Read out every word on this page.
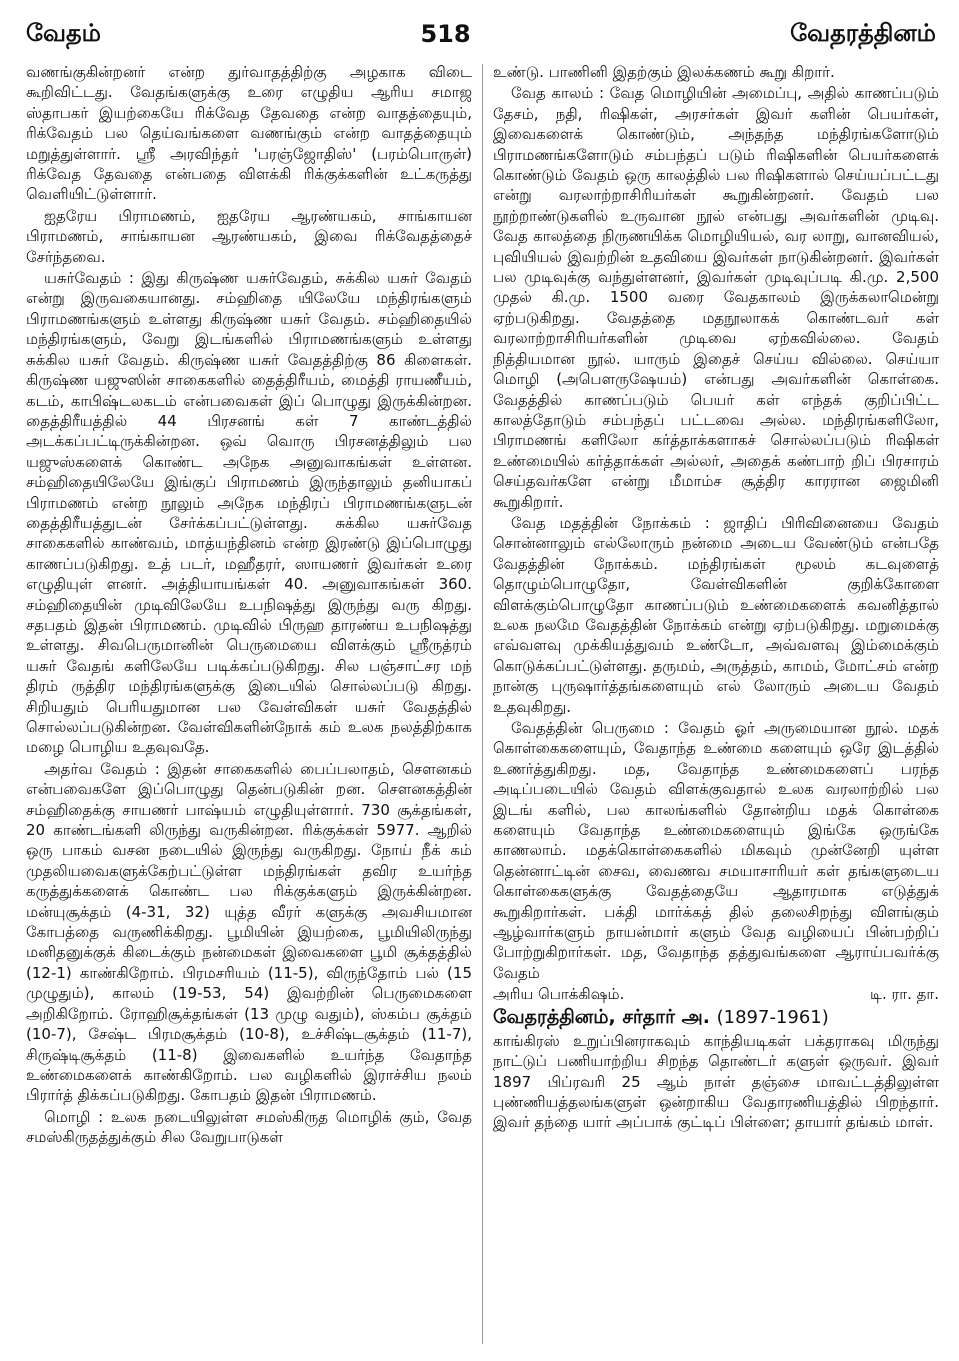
வேதம்	518	வேதரத்தினம்

வணங்குகின்றனர் என்ற துர்வாதத்திற்கு அழகாக விடை கூறிவிட்டது. வேதங்களுக்கு உரை எழுதிய ஆரிய சமாஜ ஸ்தாபகர் இயற்கையே ரிக்வேத தேவதை என்ற வாதத்தையும், ரிக்வேதம் பல தெய்வங்களை வணங்கும் என்ற வாதத்தையும் மறுத்துள்ளார். ஸ்ரீ அரவிந்தர் 'பரஞ்ஜோதிஸ்' (பரம்பொருள்) ரிக்வேத தேவதை என்பதை விளக்கி ரிக்குக்களின் உட்கருத்து வெளியிட்டுள்ளார்.

ஐதரேய பிராமணம், ஐதரேய ஆரண்யகம், சாங்காயன பிராமணம், சாங்காயன ஆரண்யகம், இவை ரிக்வேதத்தைச் சேர்ந்தவை.

யசுர்வேதம் : இது கிருஷ்ண யசுர்வேதம், சுக்கில யசுர் வேதம் என்று இருவகையானது. சம்ஹிதை யிலேயே மந்திரங்களும் பிராமணங்களும் உள்ளது கிருஷ்ண யசுர் வேதம். சம்ஹிதையில் மந்திரங்களும், வேறு இடங்களில் பிராமணங்களும் உள்ளது சுக்கில யசுர் வேதம். கிருஷ்ண யசுர் வேதத்திற்கு 86 கிளைகள். கிருஷ்ண யஜுஸின் சாகைகளில் தைத்திரீயம், மைத்தி ராயணீயம், கடம், காபிஷ்டலகடம் என்பவைகள் இப் பொழுது இருக்கின்றன. தைத்திரீயத்தில் 44 பிரசனங் கள் 7 காண்டத்தில் அடக்கப்பட்டிருக்கின்றன. ஒவ் வொரு பிரசனத்திலும் பல யஜுஸ்களைக் கொண்ட அநேக அனுவாகங்கள் உள்ளன. சம்ஹிதையிலேயே இங்குப் பிராமணம் இருந்தாலும் தனியாகப் பிராமணம் என்ற நூலும் அநேக மந்திரப் பிராமணங்களுடன் தைத்திரீயத்துடன் சேர்க்கப்பட்டுள்ளது. சுக்கில யசுர்வேத சாகைகளில் காண்வம், மாத்யந்தினம் என்ற இரண்டு இப்பொழுது காணப்படுகிறது. உத் படர், மஹீதரர், ஸாயணர் இவர்கள் உரை எழுதியுள் ளனர். அத்தியாயங்கள் 40. அனுவாகங்கள் 360. சம்ஹிதையின் முடிவிலேயே உபநிஷத்து இருந்து வரு கிறது. சதபதம் இதன் பிராமணம். முடிவில் பிருஹ தாரண்ய உபநிஷத்து உள்ளது. சிவபெருமானின் பெருமையை விளக்கும் ஸ்ரீருத்ரம் யசுர் வேதங் களிலேயே படிக்கப்படுகிறது. சில பஞ்சாட்சர மந் திரம் ருத்திர மந்திரங்களுக்கு இடையில் சொல்லப்படு கிறது. சிறியதும் பெரியதுமான பல வேள்விகள் யசுர் வேதத்தில் சொல்லப்படுகின்றன. வேள்விகளின்நோக் கம் உலக நலத்திற்காக மழை பொழிய உதவுவதே.

அதர்வ வேதம் : இதன் சாகைகளில் பைப்பலாதம், சௌனகம் என்பவைகளே இப்பொழுது தென்படுகின் றன. சௌனகத்தின் சம்ஹிதைக்கு சாயணர் பாஷ்யம் எழுதியுள்ளார். 730 சூக்தங்கள், 20 காண்டங்களி லிருந்து வருகின்றன. ரிக்குக்கள் 5977. ஆறில் ஒரு பாகம் வசன நடையில் இருந்து வருகிறது. நோய் நீக் கம் முதலியவைகளுக்கேற்பட்டுள்ள மந்திரங்கள் தவிர உயர்ந்த கருத்துக்களைக் கொண்ட பல ரிக்குக்களும் இருக்கின்றன. மன்யுசூக்தம் (4-31, 32) யுத்த வீரர் களுக்கு அவசியமான கோபத்தை வருணிக்கிறது. பூமியின் இயற்கை, பூமியிலிருந்து மனிதனுக்குக் கிடைக்கும் நன்மைகள் இவைகளை பூமி சூக்தத்தில் (12-1) காண்கிறோம். பிரமசரியம் (11-5), விருந்தோம் பல் (15 முழுதும்), காலம் (19-53, 54) இவற்றின் பெருமைகளை அறிகிறோம். ரோஹிசூக்தங்கள் (13 முழு வதும்), ஸ்கம்ப சூக்தம் (10-7), சேஷ்ட பிரமசூக்தம் (10-8), உச்சிஷ்டசூக்தம் (11-7), சிருஷ்டிசூக்தம் (11-8) இவைகளில் உயர்ந்த வேதாந்த உண்மைகளைக் காண்கிறோம். பல வழிகளில் இராச்சிய நலம் பிரார்த் திக்கப்படுகிறது. கோபதம் இதன் பிராமணம்.

மொழி : உலக நடையிலுள்ள சமஸ்கிருத மொழிக் கும், வேத சமஸ்கிருதத்துக்கும் சில வேறுபாடுகள்

உண்டு. பாணினி இதற்கும் இலக்கணம் கூறு கிறார்.

வேத காலம் : வேத மொழியின் அமைப்பு, அதில் காணப்படும் தேசம், நதி, ரிஷிகள், அரசர்கள் இவர் களின் பெயர்கள், இவைகளைக் கொண்டும், அந்தந்த மந்திரங்களோடும் பிராமணங்களோடும் சம்பந்தப் படும் ரிஷிகளின் பெயர்களைக் கொண்டும் வேதம் ஒரு காலத்தில் பல ரிஷிகளால் செய்யப்பட்டது என்று வரலாற்றாசிரியர்கள் கூறுகின்றனர். வேதம் பல நூற்றாண்டுகளில் உருவான நூல் என்பது அவர்களின் முடிவு. வேத காலத்தை நிருணயிக்க மொழியியல், வர லாறு, வானவியல், புவியியல் இவற்றின் உதவியை இவர்கள் நாடுகின்றனர். இவர்கள் பல முடிவுக்கு வந்துள்ளனர், இவர்கள் முடிவுப்படி கி.மு. 2,500 முதல் கி.மு. 1500 வரை வேதகாலம் இருக்கலாமென்று ஏற்படுகிறது. வேதத்தை மதநூலாகக் கொண்டவர் கள் வரலாற்றாசிரியர்களின் முடிவை ஏற்கவில்லை. வேதம் நித்தியமான நூல். யாரும் இதைச் செய்ய வில்லை. செய்யா மொழி (அபௌருஷேயம்) என்பது அவர்களின் கொள்கை. வேதத்தில் காணப்படும் பெயர் கள் எந்தக் குறிப்பிட்ட காலத்தோடும் சம்பந்தப் பட்டவை அல்ல. மந்திரங்களிலோ, பிராமணங் களிலோ கர்த்தாக்களாகச் சொல்லப்படும் ரிஷிகள் உண்மையில் கர்த்தாக்கள் அல்லர், அதைக் கண்பாற் றிப் பிரசாரம் செய்தவர்களே என்று மீமாம்ச சூத்திர காரரான ஜைமினி கூறுகிறார்.

வேத மதத்தின் நோக்கம் : ஜாதிப் பிரிவினையை வேதம் சொன்னாலும் எல்லோரும் நன்மை அடைய வேண்டும் என்பதே வேதத்தின் நோக்கம். மந்திரங்கள் மூலம் கடவுளைத் தொழும்பொழுதோ, வேள்விகளின் குறிக்கோளை விளக்கும்பொழுதோ காணப்படும் உண்மைகளைக் கவனித்தால் உலக நலமே வேதத்தின் நோக்கம் என்று ஏற்படுகிறது. மறுமைக்கு எவ்வளவு முக்கியத்துவம் உண்டோ, அவ்வளவு இம்மைக்கும் கொடுக்கப்பட்டுள்ளது. தருமம், அருத்தம், காமம், மோட்சம் என்ற நான்கு புருஷார்த்தங்களையும் எல் லோரும் அடைய வேதம் உதவுகிறது.

வேதத்தின் பெருமை : வேதம் ஓர் அருமையான நூல். மதக் கொள்கைகளையும், வேதாந்த உண்மை களையும் ஒரே இடத்தில் உணர்த்துகிறது. மத, வேதாந்த உண்மைகளைப் பரந்த அடிப்படையில் வேதம் விளக்குவதால் உலக வரலாற்றில் பல இடங் களில், பல காலங்களில் தோன்றிய மதக் கொள்கை களையும் வேதாந்த உண்மைகளையும் இங்கே ஒருங்கே காணலாம். மதக்கொள்கைகளில் மிகவும் முன்னேறி யுள்ள தென்னாட்டின் சைவ, வைணவ சமயாசாரியர் கள் தங்களுடைய கொள்கைகளுக்கு வேதத்தையே ஆதாரமாக எடுத்துக் கூறுகிறார்கள். பக்தி மார்க்கத் தில் தலைசிறந்து விளங்கும் ஆழ்வார்களும் நாயன்மார் களும் வேத வழியைப் பின்பற்றிப் போற்றுகிறார்கள். மத, வேதாந்த தத்துவங்களை ஆராய்பவர்க்கு வேதம்

அரிய பொக்கிஷம்.	டி. ரா. தா.

வேதரத்தினம், சர்தார் அ. (1897-1961)

காங்கிரஸ் உறுப்பினராகவும் காந்தியடிகள் பக்தராகவு மிருந்து நாட்டுப் பணியாற்றிய சிறந்த தொண்டர் களுள் ஒருவர். இவர் 1897 பிப்ரவரி 25 ஆம் நாள் தஞ்சை மாவட்டத்திலுள்ள புண்ணியத்தலங்களுள் ஒன்றாகிய வேதாரணியத்தில் பிறந்தார். இவர் தந்தை யார் அப்பாக் குட்டிப் பிள்ளை; தாயார் தங்கம் மாள்.
